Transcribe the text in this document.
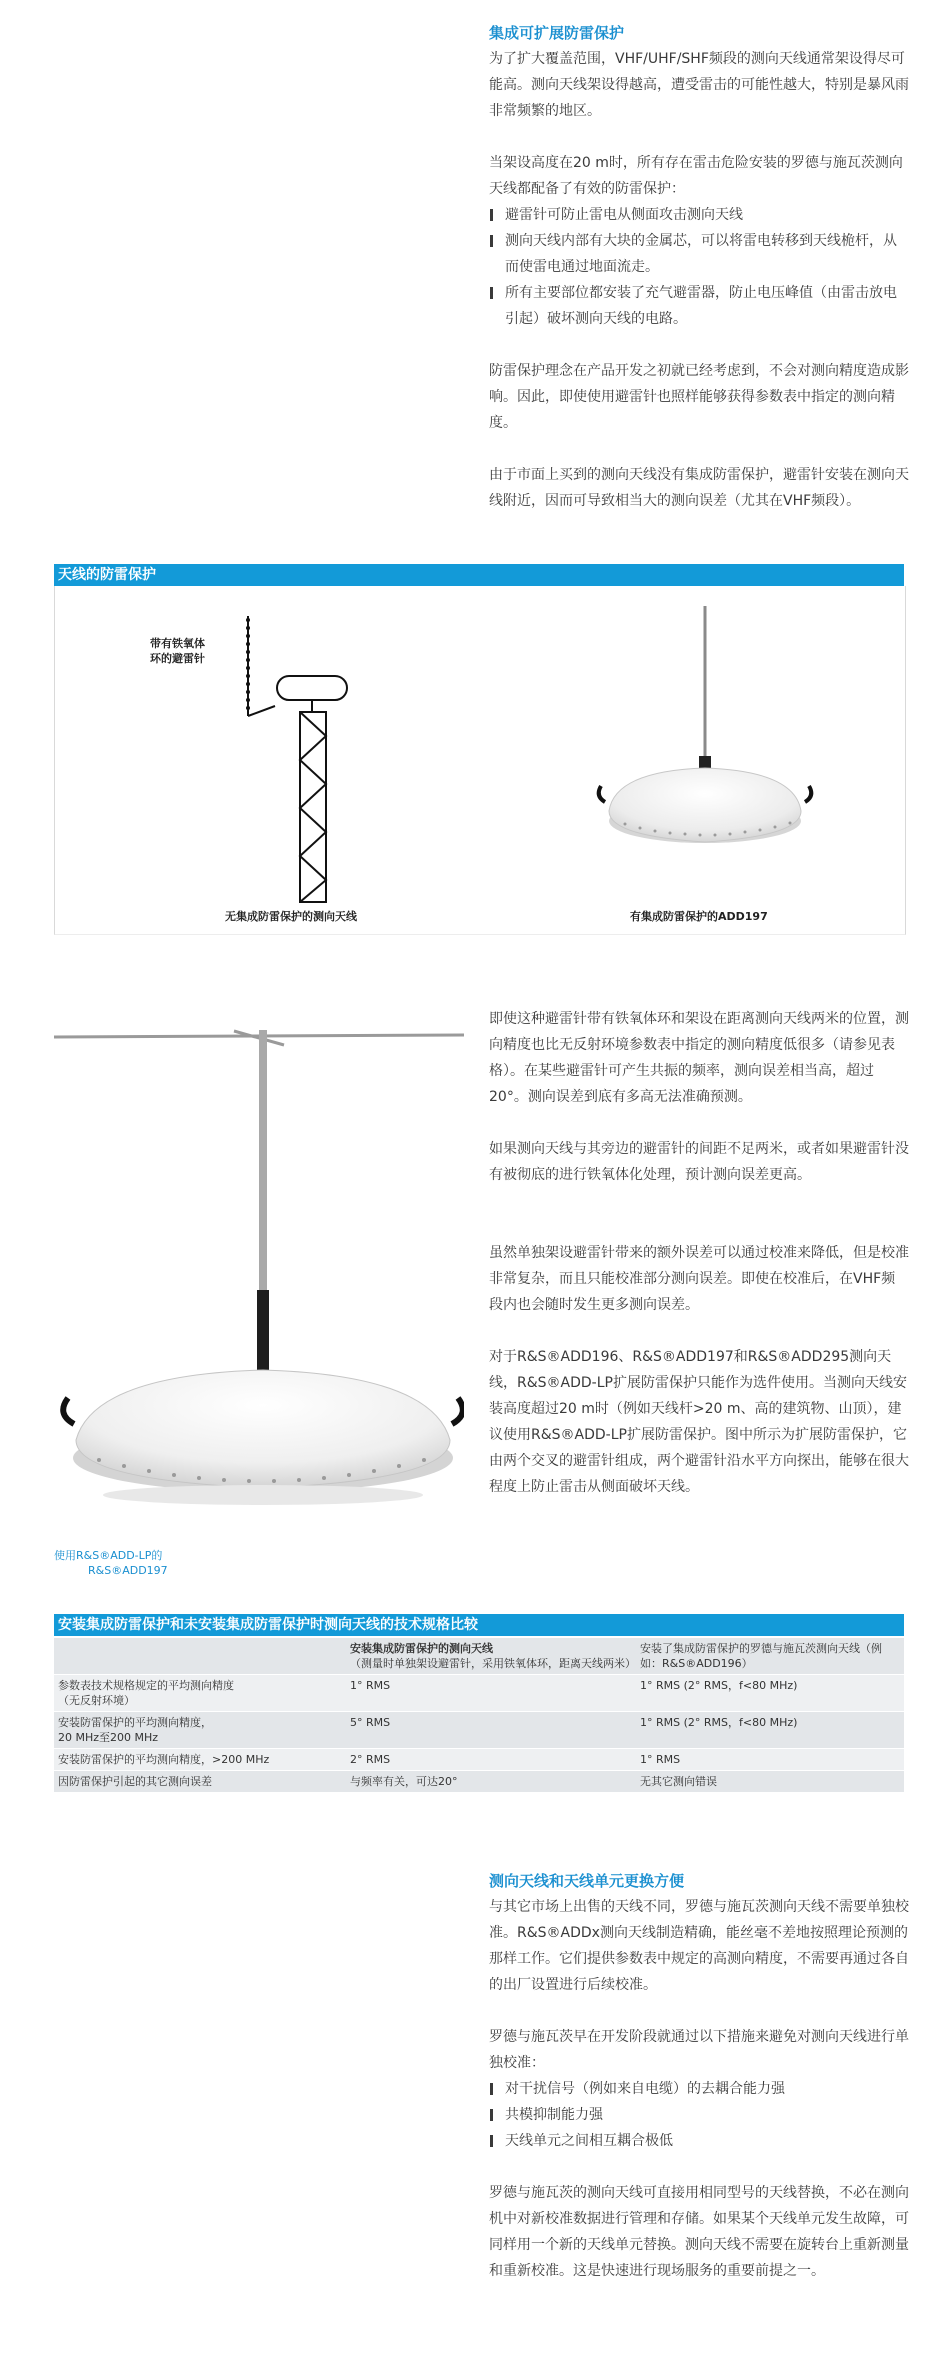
集成可扩展防雷保护

为了扩大覆盖范围，VHF/UHF/SHF频段的测向天线通常架设得尽可能高。测向天线架设得越高，遭受雷击的可能性越大，特别是暴风雨非常频繁的地区。

当架设高度在20 m时，所有存在雷击危险安装的罗德与施瓦茨测向天线都配备了有效的防雷保护：

避雷针可防止雷电从侧面攻击测向天线
测向天线内部有大块的金属芯，可以将雷电转移到天线桅杆，从而使雷电通过地面流走。
所有主要部位都安装了充气避雷器，防止电压峰值（由雷击放电引起）破坏测向天线的电路。

防雷保护理念在产品开发之初就已经考虑到，不会对测向精度造成影响。因此，即使使用避雷针也照样能够获得参数表中指定的测向精度。

由于市面上买到的测向天线没有集成防雷保护，避雷针安装在测向天线附近，因而可导致相当大的测向误差（尤其在VHF频段）。

天线的防雷保护
带有铁氧体
环的避雷针
无集成防雷保护的测向天线	有集成防雷保护的ADD197
使用R&S®ADD-LP的
R&S®ADD197

即使这种避雷针带有铁氧体环和架设在距离测向天线两米的位置，测向精度也比无反射环境参数表中指定的测向精度低很多（请参见表格）。在某些避雷针可产生共振的频率，测向误差相当高，超过20°。测向误差到底有多高无法准确预测。

如果测向天线与其旁边的避雷针的间距不足两米，或者如果避雷针没有被彻底的进行铁氧体化处理，预计测向误差更高。

虽然单独架设避雷针带来的额外误差可以通过校准来降低，但是校准非常复杂，而且只能校准部分测向误差。即使在校准后，在VHF频段内也会随时发生更多测向误差。

对于R&S®ADD196、R&S®ADD197和R&S®ADD295测向天线，R&S®ADD-LP扩展防雷保护只能作为选件使用。当测向天线安装高度超过20 m时（例如天线杆>20 m、高的建筑物、山顶），建议使用R&S®ADD-LP扩展防雷保护。图中所示为扩展防雷保护，它由两个交叉的避雷针组成，两个避雷针沿水平方向探出，能够在很大程度上防止雷击从侧面破坏天线。

安装集成防雷保护和未安装集成防雷保护时测向天线的技术规格比较

	安装集成防雷保护的测向天线
（测量时单独架设避雷针，采用铁氧体环，距离天线两米）	安装了集成防雷保护的罗德与施瓦茨测向天线（例如：R&S®ADD196）
参数表技术规格规定的平均测向精度
（无反射环境）	1° RMS	1° RMS (2° RMS，f<80 MHz)
安装防雷保护的平均测向精度，
20 MHz至200 MHz	5° RMS	1° RMS (2° RMS，f<80 MHz)
安装防雷保护的平均测向精度，>200 MHz	2° RMS	1° RMS
因防雷保护引起的其它测向误差	与频率有关，可达20°	无其它测向错误
测向天线和天线单元更换方便

与其它市场上出售的天线不同，罗德与施瓦茨测向天线不需要单独校准。R&S®ADDx测向天线制造精确，能丝毫不差地按照理论预测的那样工作。它们提供参数表中规定的高测向精度，不需要再通过各自的出厂设置进行后续校准。

罗德与施瓦茨早在开发阶段就通过以下措施来避免对测向天线进行单独校准：

对干扰信号（例如来自电缆）的去耦合能力强
共模抑制能力强
天线单元之间相互耦合极低

罗德与施瓦茨的测向天线可直接用相同型号的天线替换，不必在测向机中对新校准数据进行管理和存储。如果某个天线单元发生故障，可同样用一个新的天线单元替换。测向天线不需要在旋转台上重新测量和重新校准。这是快速进行现场服务的重要前提之一。
